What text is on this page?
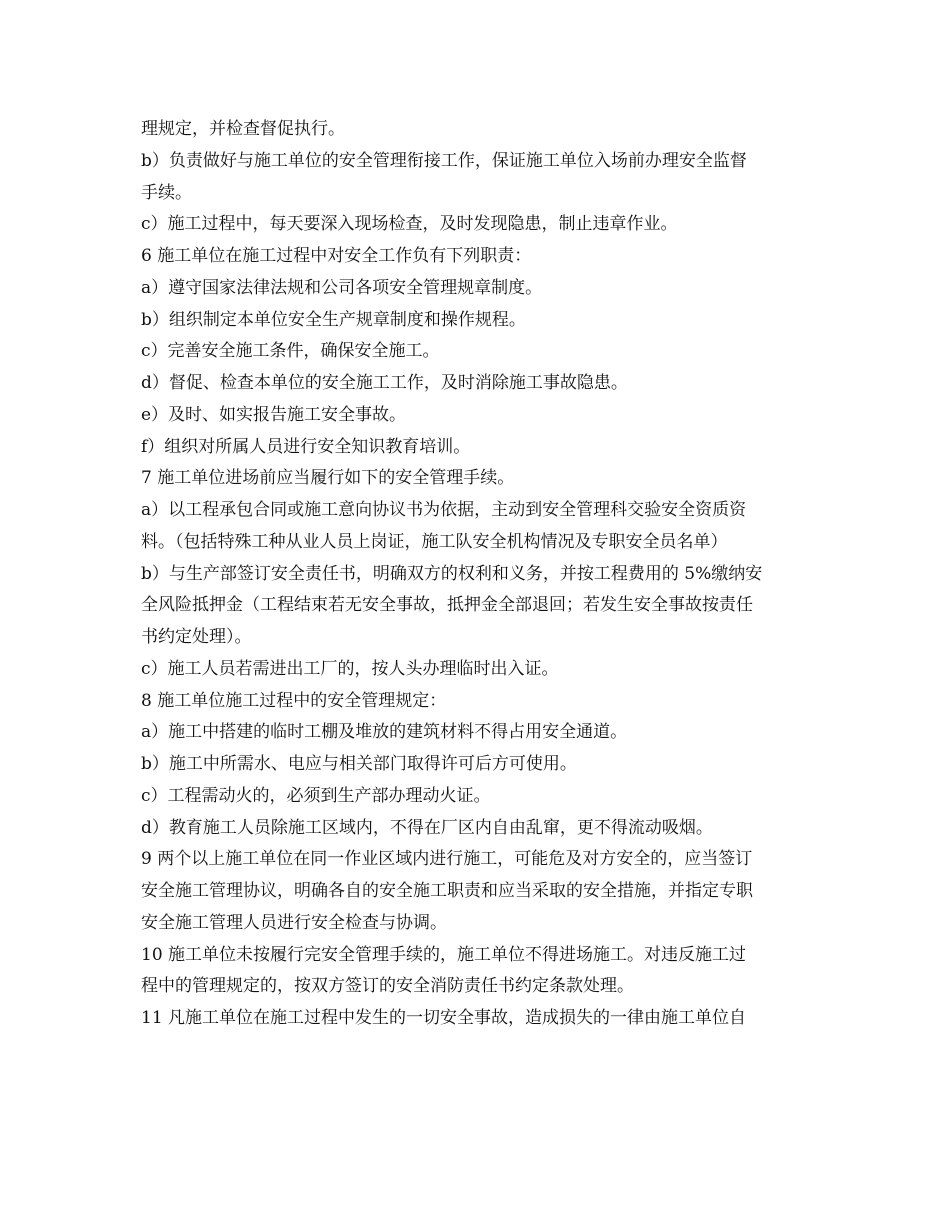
理规定，并检查督促执行。

b）负责做好与施工单位的安全管理衔接工作，保证施工单位入场前办理安全监督

手续。

c）施工过程中，每天要深入现场检查，及时发现隐患，制止违章作业。

6 施工单位在施工过程中对安全工作负有下列职责：

a）遵守国家法律法规和公司各项安全管理规章制度。

b）组织制定本单位安全生产规章制度和操作规程。

c）完善安全施工条件，确保安全施工。

d）督促、检查本单位的安全施工工作，及时消除施工事故隐患。

e）及时、如实报告施工安全事故。

f）组织对所属人员进行安全知识教育培训。

7 施工单位进场前应当履行如下的安全管理手续。

a）以工程承包合同或施工意向协议书为依据，主动到安全管理科交验安全资质资

料。（包括特殊工种从业人员上岗证，施工队安全机构情况及专职安全员名单）

b）与生产部签订安全责任书，明确双方的权利和义务，并按工程费用的 5%缴纳安

全风险抵押金（工程结束若无安全事故，抵押金全部退回；若发生安全事故按责任

书约定处理）。

c）施工人员若需进出工厂的，按人头办理临时出入证。

8 施工单位施工过程中的安全管理规定：

a）施工中搭建的临时工棚及堆放的建筑材料不得占用安全通道。

b）施工中所需水、电应与相关部门取得许可后方可使用。

c）工程需动火的，必须到生产部办理动火证。

d）教育施工人员除施工区域内，不得在厂区内自由乱窜，更不得流动吸烟。

9 两个以上施工单位在同一作业区域内进行施工，可能危及对方安全的，应当签订

安全施工管理协议，明确各自的安全施工职责和应当采取的安全措施，并指定专职

安全施工管理人员进行安全检查与协调。

10 施工单位未按履行完安全管理手续的，施工单位不得进场施工。对违反施工过

程中的管理规定的，按双方签订的安全消防责任书约定条款处理。

11 凡施工单位在施工过程中发生的一切安全事故，造成损失的一律由施工单位自
